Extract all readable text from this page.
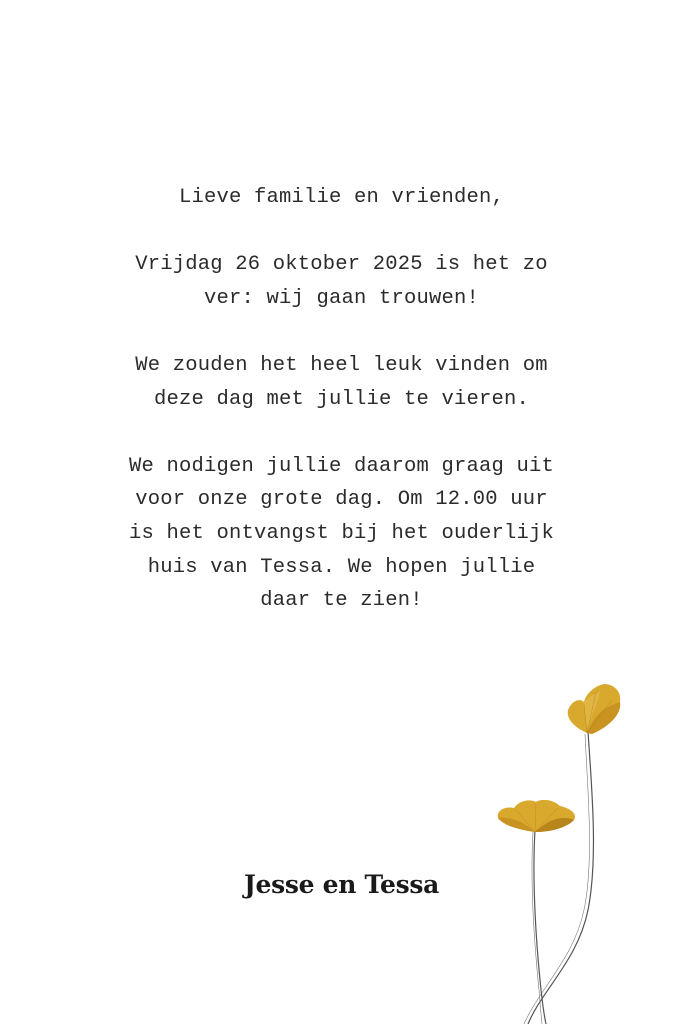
Lieve familie en vrienden,

Vrijdag 26 oktober 2025 is het zo
ver: wij gaan trouwen!

We zouden het heel leuk vinden om
deze dag met jullie te vieren.

We nodigen jullie daarom graag uit
voor onze grote dag. Om 12.00 uur
is het ontvangst bij het ouderlijk
huis van Tessa. We hopen jullie
daar te zien!

Jesse en Tessa
